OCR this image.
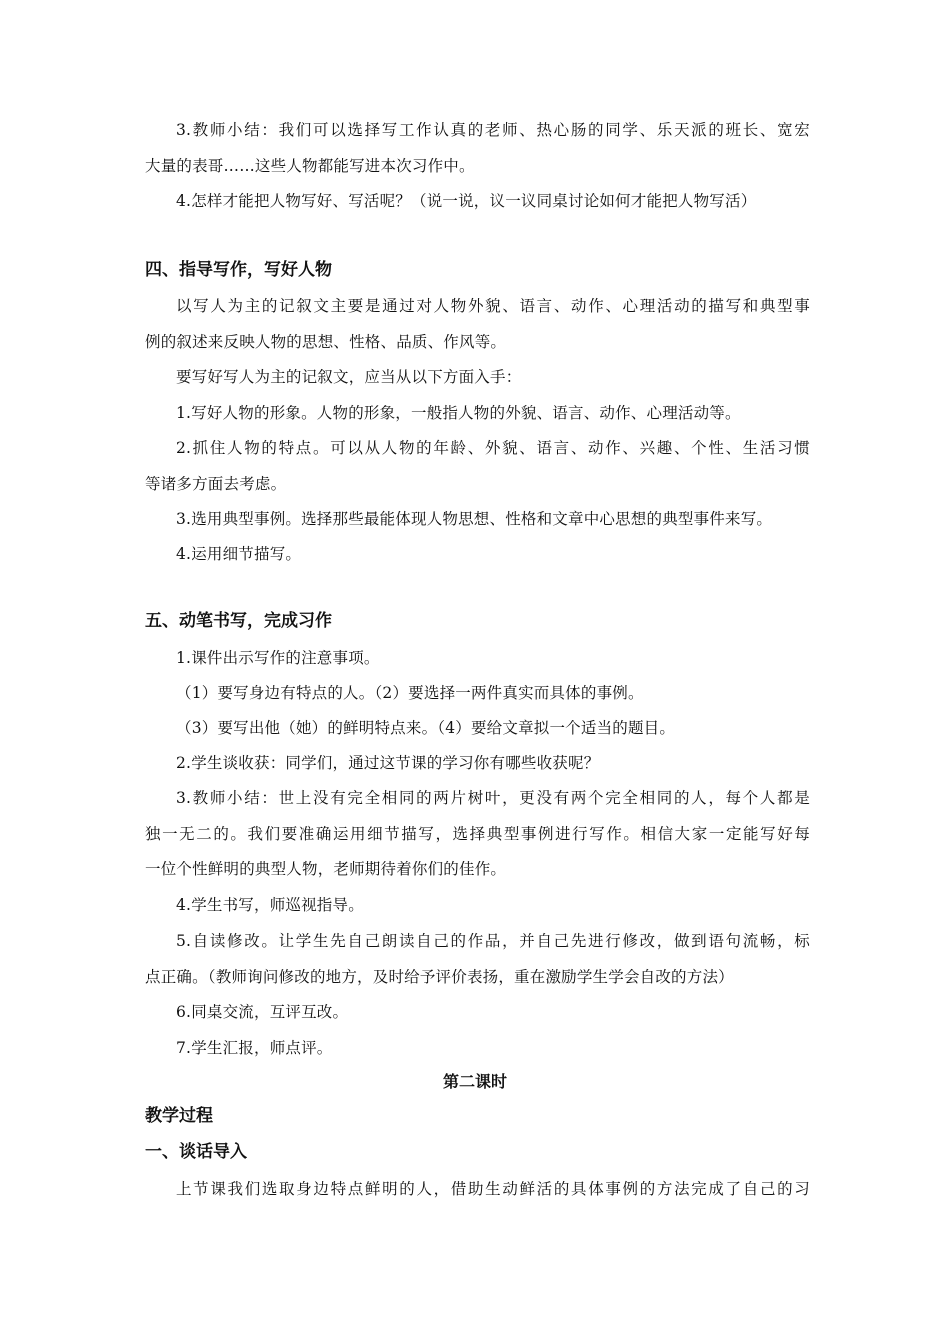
3.教师小结：我们可以选择写工作认真的老师、热心肠的同学、乐天派的班长、宽宏
大量的表哥……这些人物都能写进本次习作中。
4.怎样才能把人物写好、写活呢？（说一说，议一议同桌讨论如何才能把人物写活）
四、指导写作，写好人物
以写人为主的记叙文主要是通过对人物外貌、语言、动作、心理活动的描写和典型事
例的叙述来反映人物的思想、性格、品质、作风等。
要写好写人为主的记叙文，应当从以下方面入手：
1.写好人物的形象。人物的形象，一般指人物的外貌、语言、动作、心理活动等。
2.抓住人物的特点。可以从人物的年龄、外貌、语言、动作、兴趣、个性、生活习惯
等诸多方面去考虑。
3.选用典型事例。选择那些最能体现人物思想、性格和文章中心思想的典型事件来写。
4.运用细节描写。
五、动笔书写，完成习作
1.课件出示写作的注意事项。
（1）要写身边有特点的人。（2）要选择一两件真实而具体的事例。
（3）要写出他（她）的鲜明特点来。（4）要给文章拟一个适当的题目。
2.学生谈收获：同学们，通过这节课的学习你有哪些收获呢？
3.教师小结：世上没有完全相同的两片树叶，更没有两个完全相同的人，每个人都是
独一无二的。我们要准确运用细节描写，选择典型事例进行写作。相信大家一定能写好每
一位个性鲜明的典型人物，老师期待着你们的佳作。
4.学生书写，师巡视指导。
5.自读修改。让学生先自己朗读自己的作品，并自己先进行修改，做到语句流畅，标
点正确。（教师询问修改的地方，及时给予评价表扬，重在激励学生学会自改的方法）
6.同桌交流，互评互改。
7.学生汇报，师点评。
第二课时
教学过程
一、谈话导入
上节课我们选取身边特点鲜明的人，借助生动鲜活的具体事例的方法完成了自己的习
